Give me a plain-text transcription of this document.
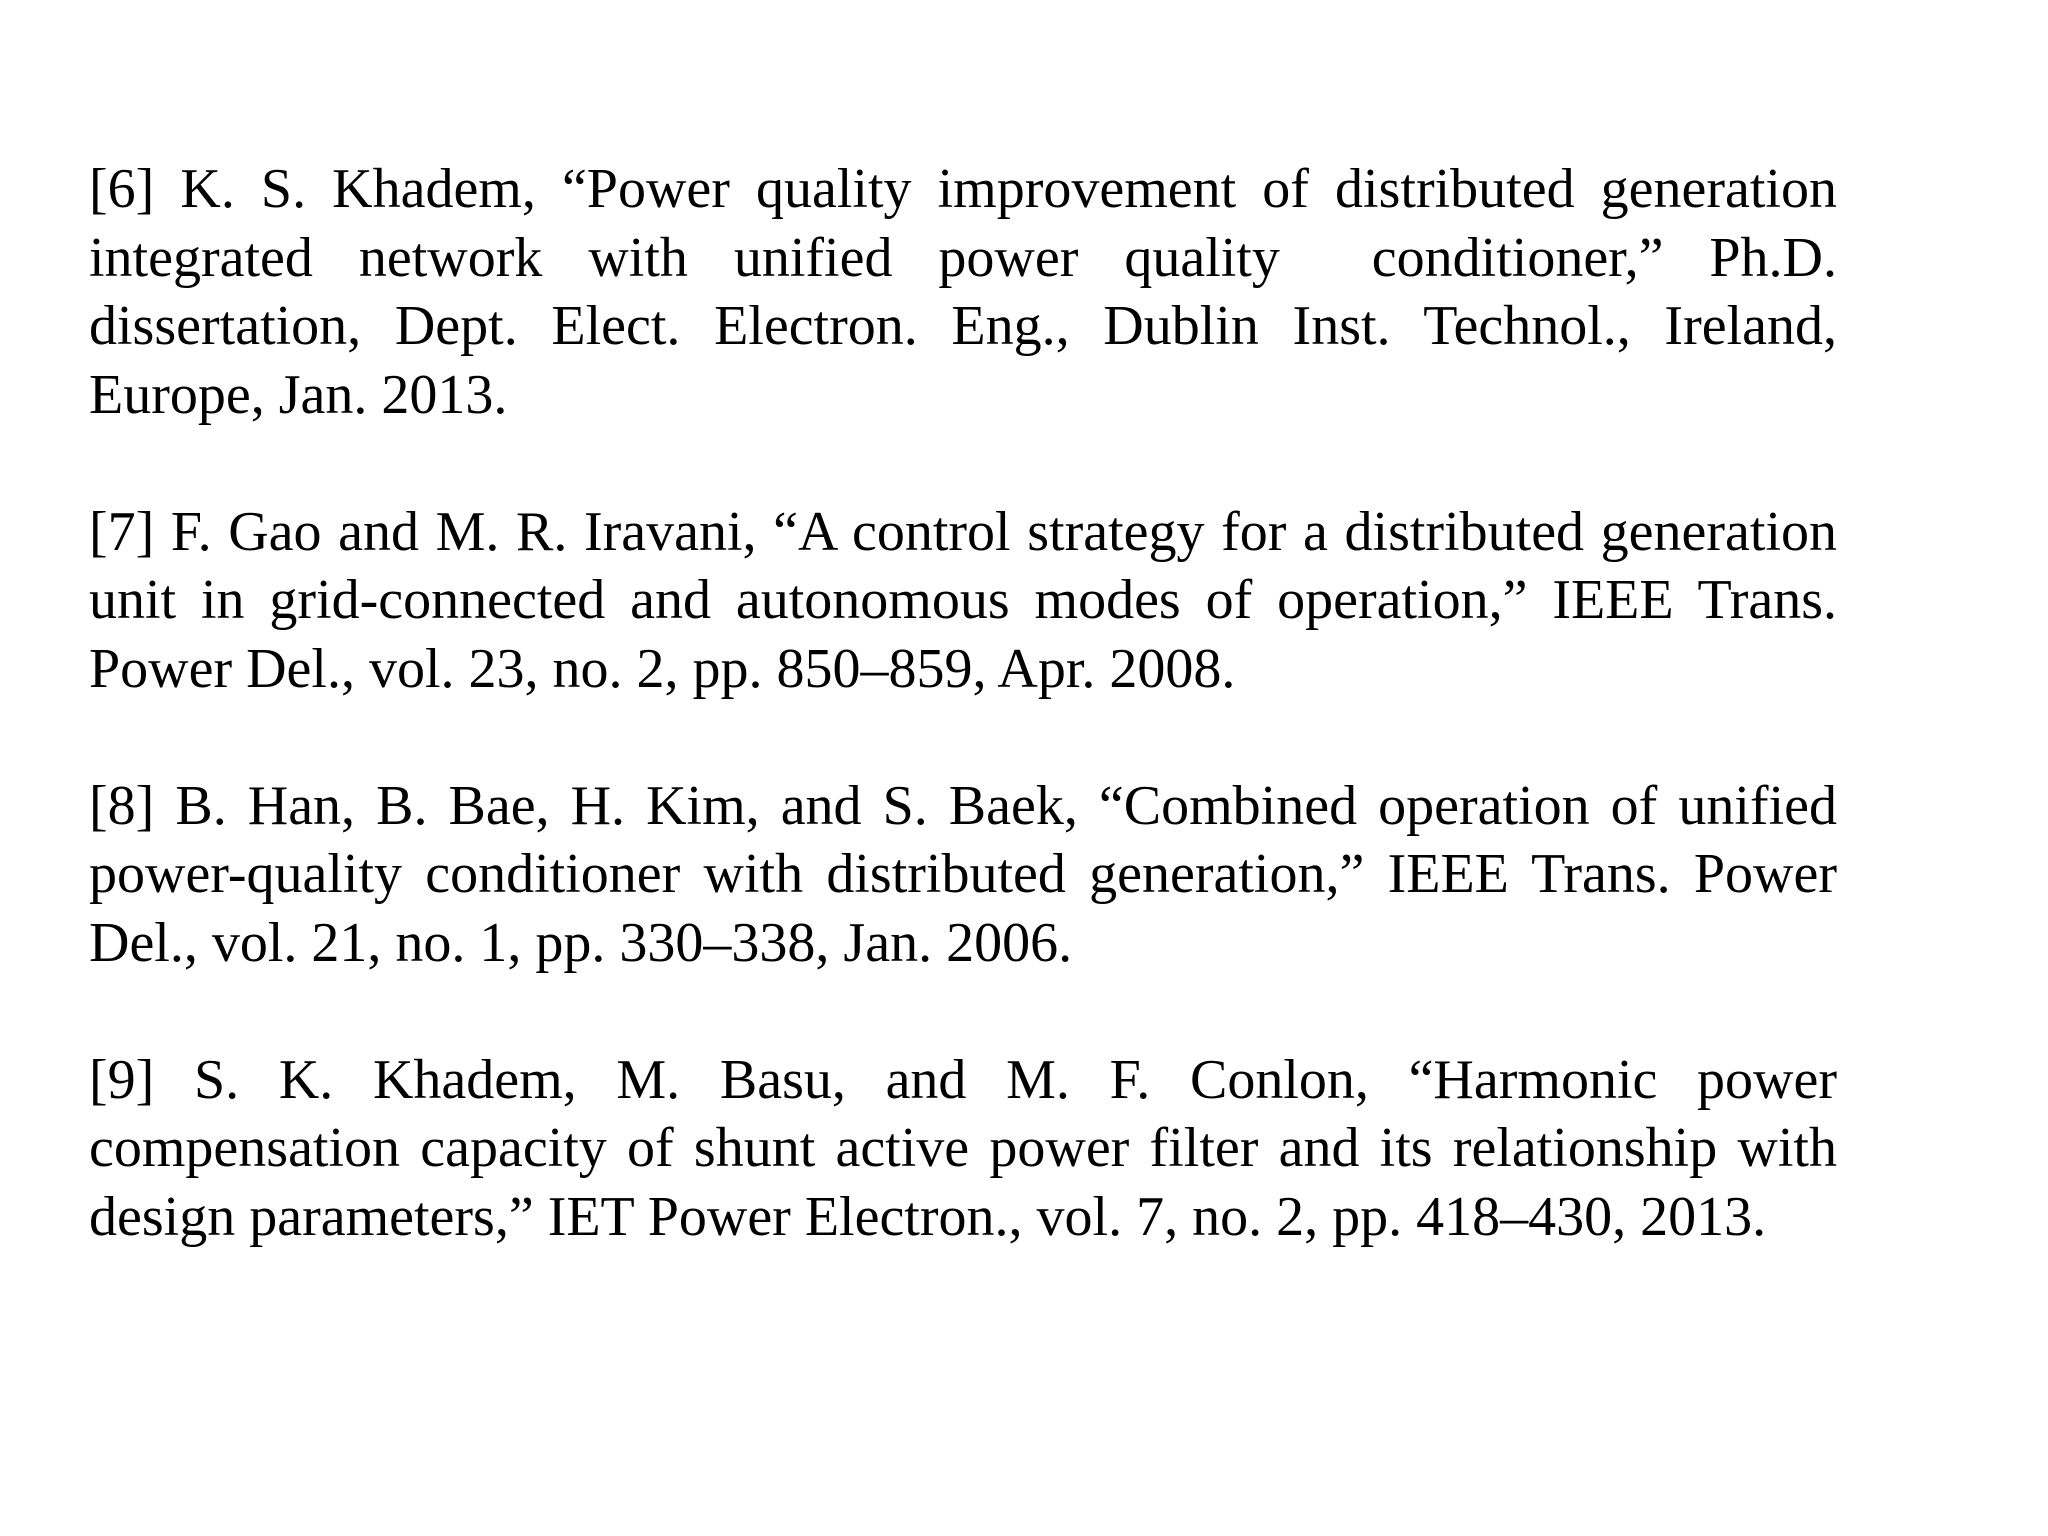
[6] K. S. Khadem, “Power quality improvement of distributed generation integrated network with unified power quality  conditioner,” Ph.D. dissertation, Dept. Elect. Electron. Eng., Dublin Inst. Technol., Ireland, Europe, Jan. 2013.

[7] F. Gao and M. R. Iravani, “A control strategy for a distributed generation unit in grid-connected and autonomous modes of operation,” IEEE Trans. Power Del., vol. 23, no. 2, pp. 850–859, Apr. 2008.

[8] B. Han, B. Bae, H. Kim, and S. Baek, “Combined operation of unified power-quality conditioner with distributed generation,” IEEE Trans. Power Del., vol. 21, no. 1, pp. 330–338, Jan. 2006.

[9] S. K. Khadem, M. Basu, and M. F. Conlon, “Harmonic power compensation capacity of shunt active power filter and its relationship with design parameters,” IET Power Electron., vol. 7, no. 2, pp. 418–430, 2013.
